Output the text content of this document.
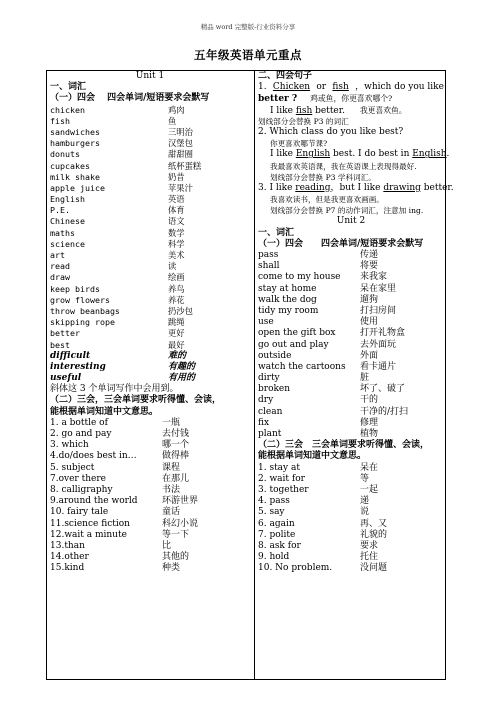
精品 word 完整版-行业资料分享
五年级英语单元重点
Unit 1
一、词汇
（一）四会　 四会单词/短语要求会默写
chicken	鸡肉
fish	鱼
sandwiches	三明治
hamburgers	汉堡包
donuts	甜甜圈
cupcakes	纸杯蛋糕
milk shake	奶昔
apple juice	苹果汁
English	英语
P.E.	体育
Chinese	语文
maths	数学
science	科学
art	美术
read	读
draw	绘画
keep birds	养鸟
grow flowers	养花
throw beanbags	扔沙包
skipping rope	跳绳
better	更好
best	最好
difficult	难的
interesting	有趣的
useful	有用的
斜体这 3 个单词写作中会用到。
（二）三会，三会单词要求听得懂、会读，
能根据单词知道中文意思。
1. a bottle of	一瓶
2. go and pay	去付钱
3. which	哪一个
4.do/does best in…	做得棒
5. subject	课程
7.over there	在那儿
8. calligraphy	书法
9.around the world	环游世界
10. fairy tale	童话
11.science fiction	科幻小说
12.wait a minute	等一下
13.than	比
14.other	其他的
15.kind	种类
二、四会句子
1. Chicken or fish ，which do you like
better ? 鸡或鱼，你更喜欢哪个?
I like fish better. 我更喜欢鱼。
划线部分会替换 P3 的词汇
2. Which class do you like best?
你更喜欢哪节课?
I like English best. I do best in English.
我最喜欢英语课，我在英语课上表现得最好.
划线部分会替换 P3 学科词汇。
3. I like reading，but I like drawing better.
我喜欢读书，但是我更喜欢画画。
划线部分会替换 P7 的动作词汇，注意加 ing.
Unit 2
一、词汇
（一）四会　　四会单词/短语要求会默写
pass	传递
shall	将要
come to my house 来我家
stay at home	呆在家里
walk the dog	遛狗
tidy my room	打扫房间
use	使用
open the gift box	打开礼物盒
go out and play	去外面玩
outside	外面
watch the cartoons 看卡通片
dirty	脏
broken	坏了、破了
dry	干的
clean	干净的/打扫
fix	修理
plant	植物
（二）三会　三会单词要求听得懂、会读，
能根据单词知道中文意思。
1. stay at	呆在
2. wait for	等
3. together	一起
4. pass	递
5. say	说
6. again	再、又
7. polite	礼貌的
8. ask for	要求
9. hold	托住
10. No problem.	没问题
